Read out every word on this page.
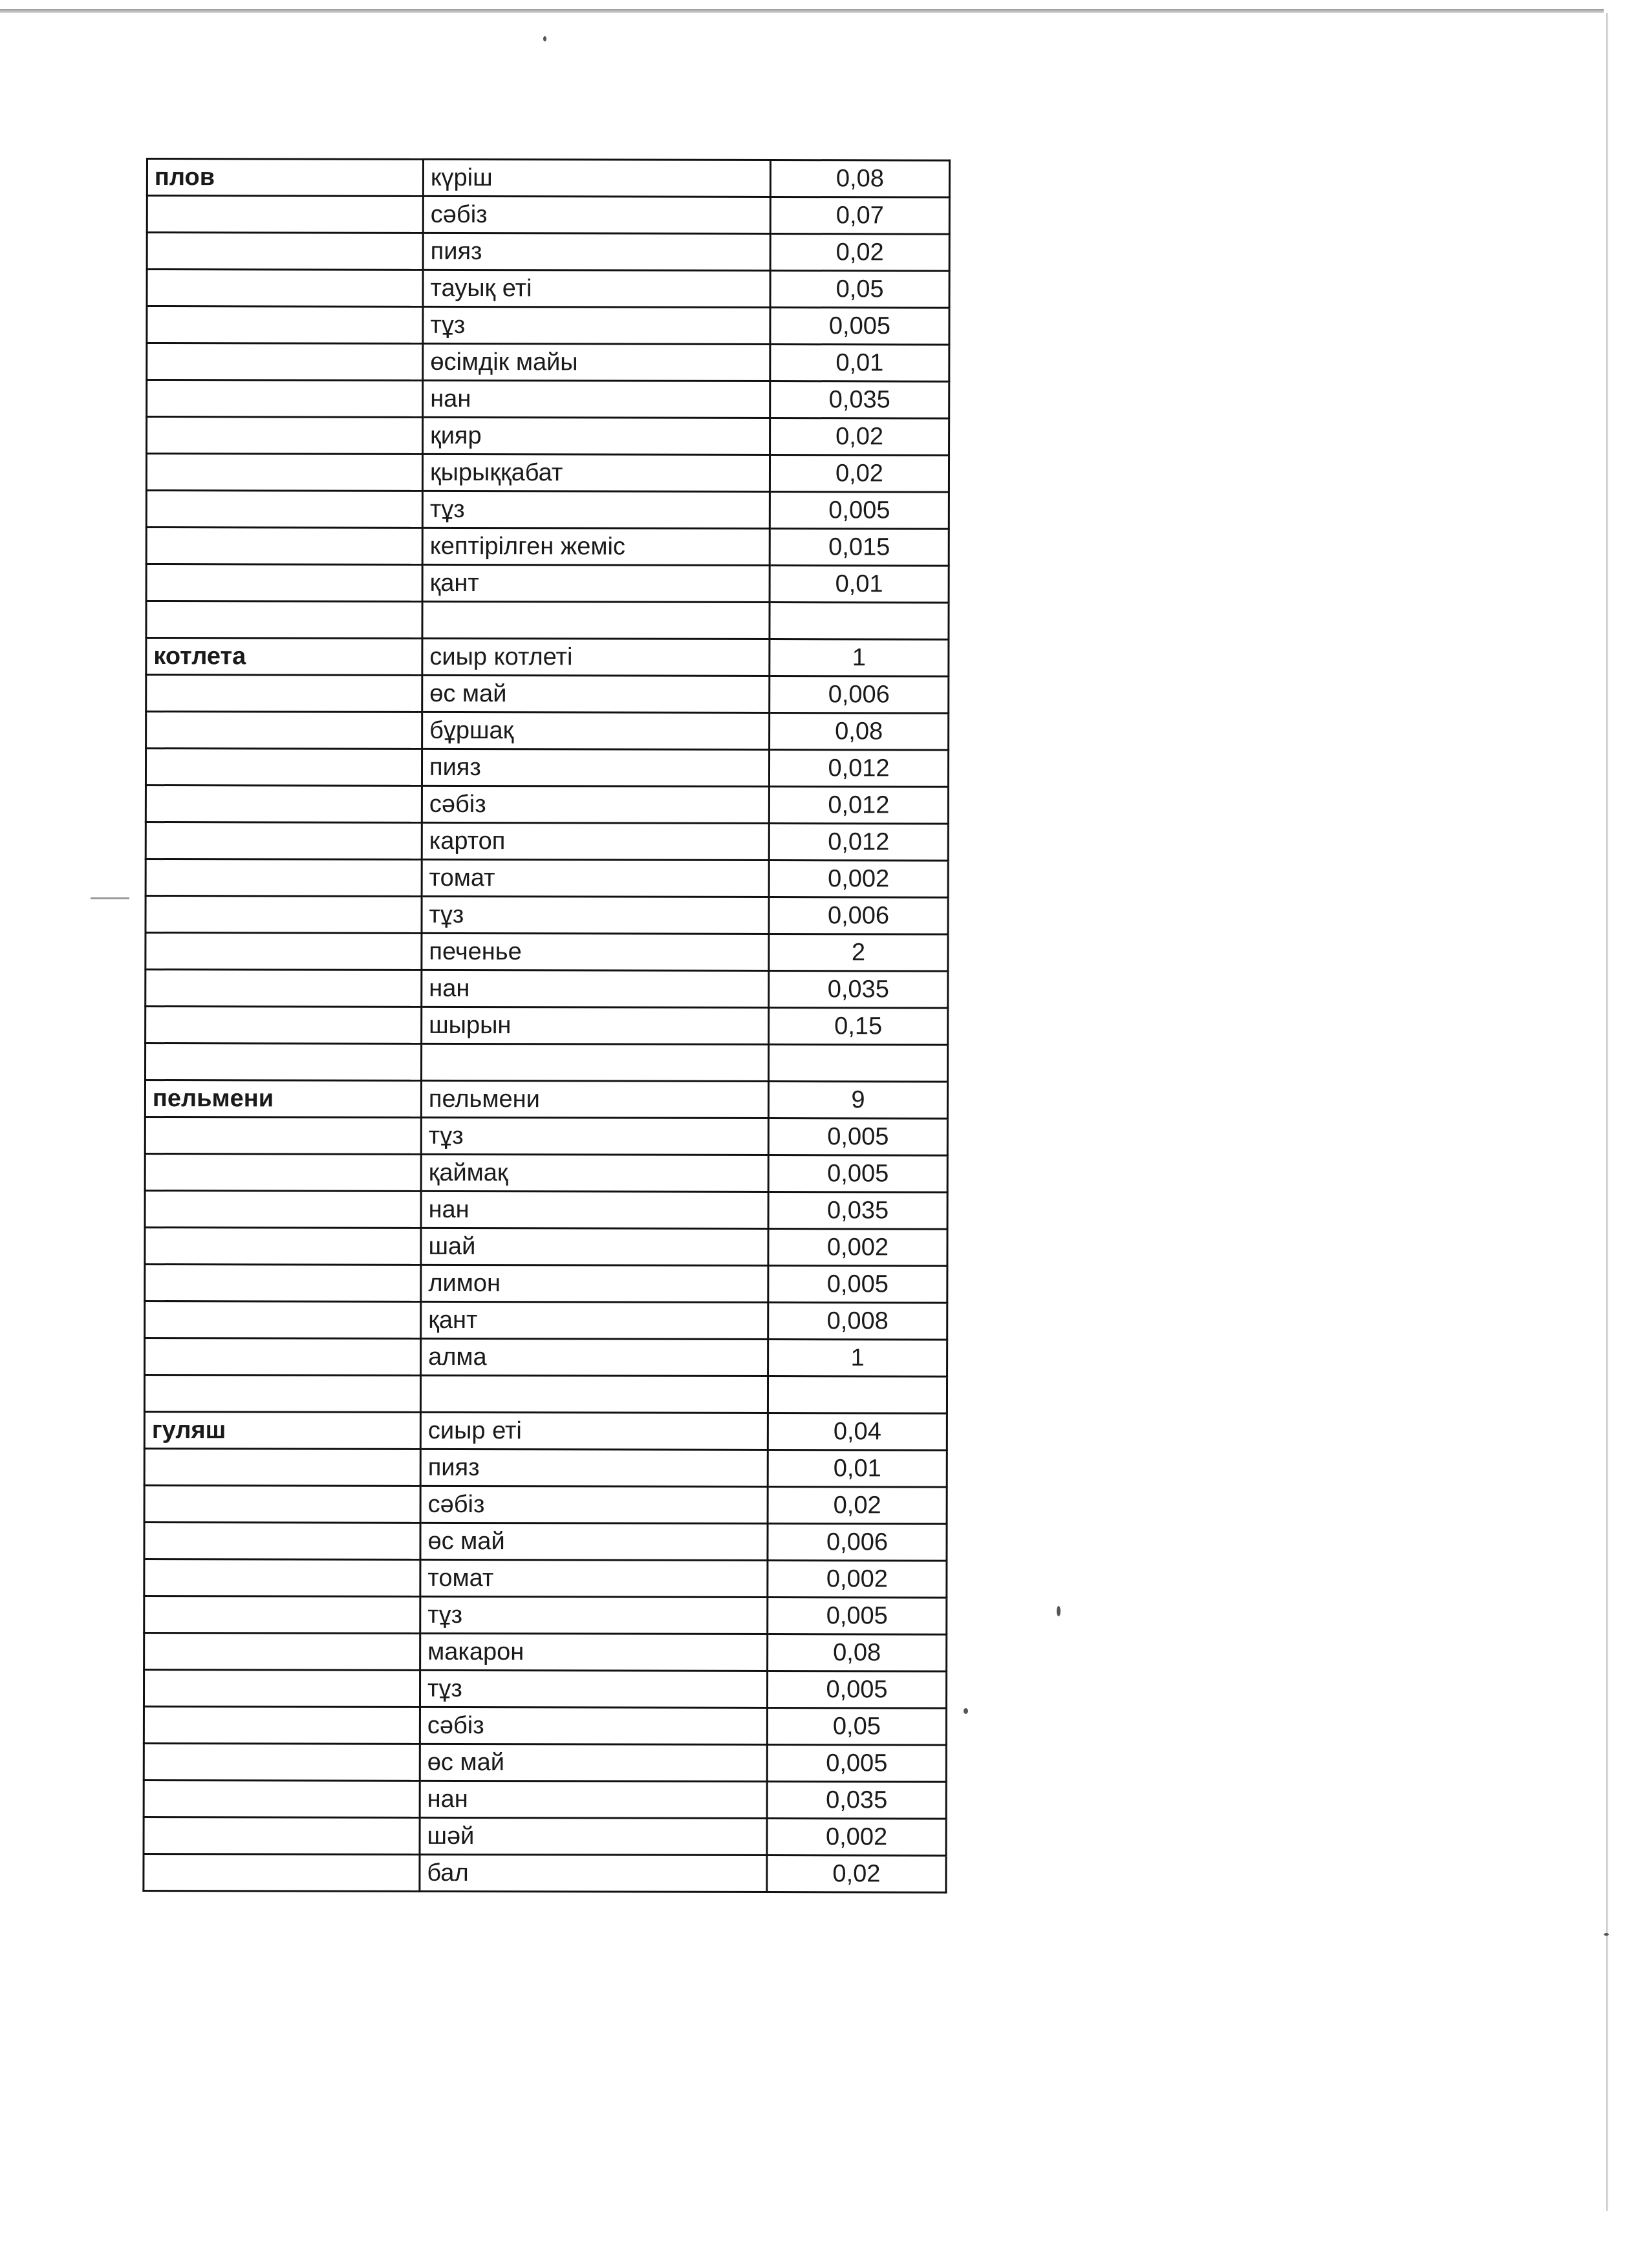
плов	күріш	0,08
	сәбіз	0,07
	пияз	0,02
	тауық еті	0,05
	тұз	0,005
	өсімдік майы	0,01
	нан	0,035
	қияр	0,02
	қырыққабат	0,02
	тұз	0,005
	кептірілген жеміс	0,015
	қант	0,01

котлета	сиыр котлеті	1
	өс май	0,006
	бұршақ	0,08
	пияз	0,012
	сәбіз	0,012
	картоп	0,012
	томат	0,002
	тұз	0,006
	печенье	2
	нан	0,035
	шырын	0,15

пельмени	пельмени	9
	тұз	0,005
	қаймақ	0,005
	нан	0,035
	шай	0,002
	лимон	0,005
	қант	0,008
	алма	1

гуляш	сиыр еті	0,04
	пияз	0,01
	сәбіз	0,02
	өс май	0,006
	томат	0,002
	тұз	0,005
	макарон	0,08
	тұз	0,005
	сәбіз	0,05
	өс май	0,005
	нан	0,035
	шәй	0,002
	бал	0,02
